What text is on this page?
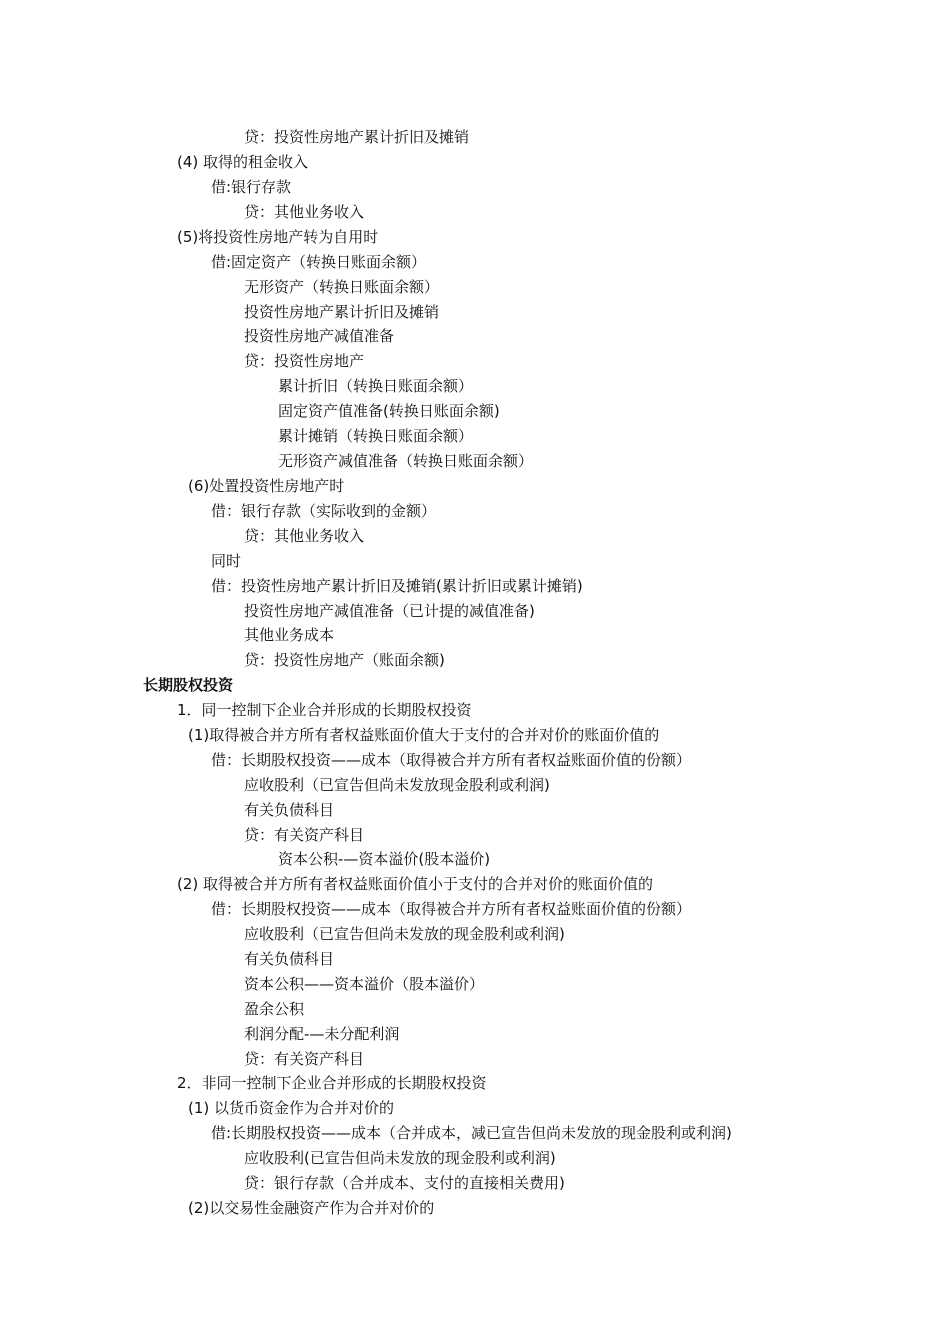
贷：投资性房地产累计折旧及摊销
(4) 取得的租金收入
借:银行存款
贷：其他业务收入
(5)将投资性房地产转为自用时
借:固定资产（转换日账面余额）
无形资产（转换日账面余额）
投资性房地产累计折旧及摊销
投资性房地产减值准备
贷：投资性房地产
累计折旧（转换日账面余额）
固定资产值准备(转换日账面余额)
累计摊销（转换日账面余额）
无形资产减值准备（转换日账面余额）
(6)处置投资性房地产时
借：银行存款（实际收到的金额）
贷：其他业务收入
同时
借：投资性房地产累计折旧及摊销(累计折旧或累计摊销)
投资性房地产减值准备（已计提的减值准备)
其他业务成本
贷：投资性房地产（账面余额)
长期股权投资
1．同一控制下企业合并形成的长期股权投资
(1)取得被合并方所有者权益账面价值大于支付的合并对价的账面价值的
借：长期股权投资——成本（取得被合并方所有者权益账面价值的份额）
应收股利（已宣告但尚未发放现金股利或利润)
有关负债科目
贷：有关资产科目
资本公积-—资本溢价(股本溢价)
(2) 取得被合并方所有者权益账面价值小于支付的合并对价的账面价值的
借：长期股权投资——成本（取得被合并方所有者权益账面价值的份额）
应收股利（已宣告但尚未发放的现金股利或利润)
有关负债科目
资本公积——资本溢价（股本溢价）
盈余公积
利润分配-—未分配利润
贷：有关资产科目
2．非同一控制下企业合并形成的长期股权投资
(1) 以货币资金作为合并对价的
借:长期股权投资——成本（合并成本，减已宣告但尚未发放的现金股利或利润)
应收股利(已宣告但尚未发放的现金股利或利润)
贷：银行存款（合并成本、支付的直接相关费用)
(2)以交易性金融资产作为合并对价的
